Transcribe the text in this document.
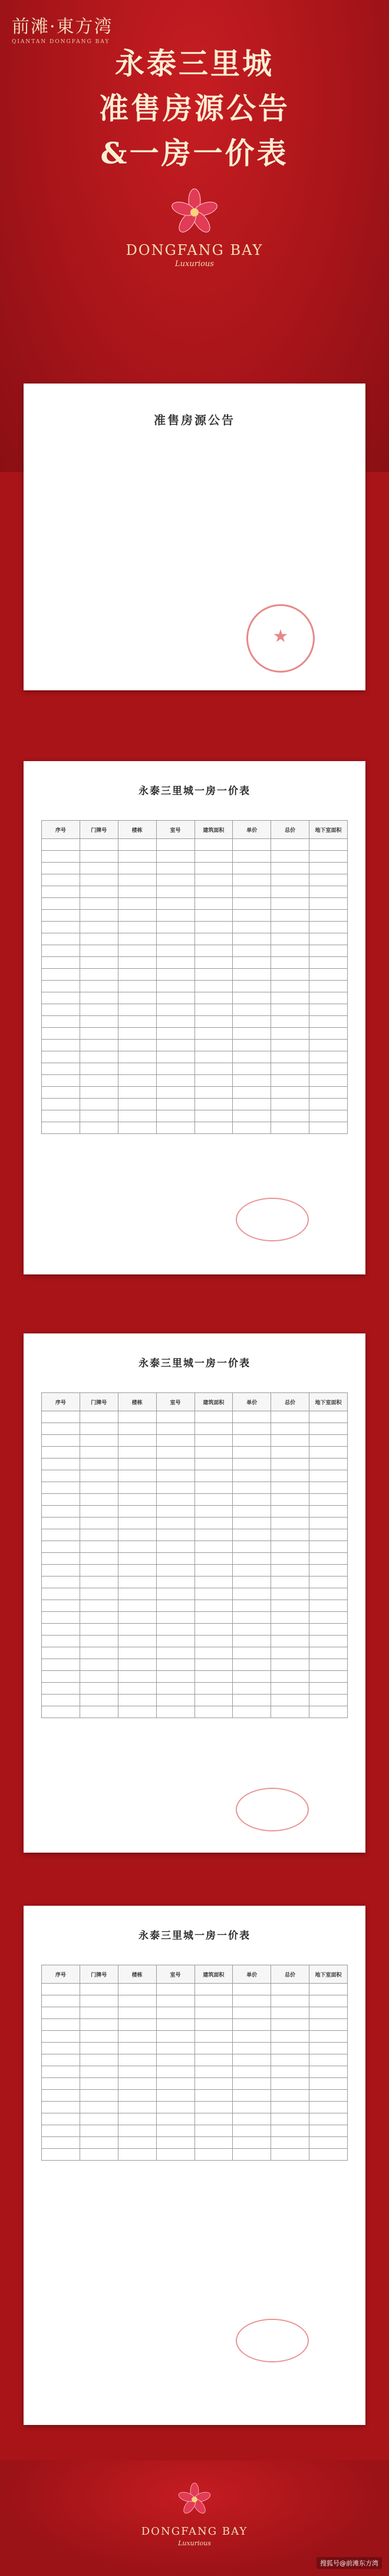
前滩·東方湾
QIANTAN DONGFANG BAY
永泰三里城
准售房源公告
&一房一价表
DONGFANG BAY
Luxurious
准售房源公告

★
永泰三里城一房一价表
序号	门牌号	楼栋	室号	建筑面积	单价	总价	地下室面积

永泰三里城一房一价表
序号	门牌号	楼栋	室号	建筑面积	单价	总价	地下室面积

永泰三里城一房一价表
序号	门牌号	楼栋	室号	建筑面积	单价	总价	地下室面积

DONGFANG BAY
Luxurious
搜狐号@前滩东方湾
